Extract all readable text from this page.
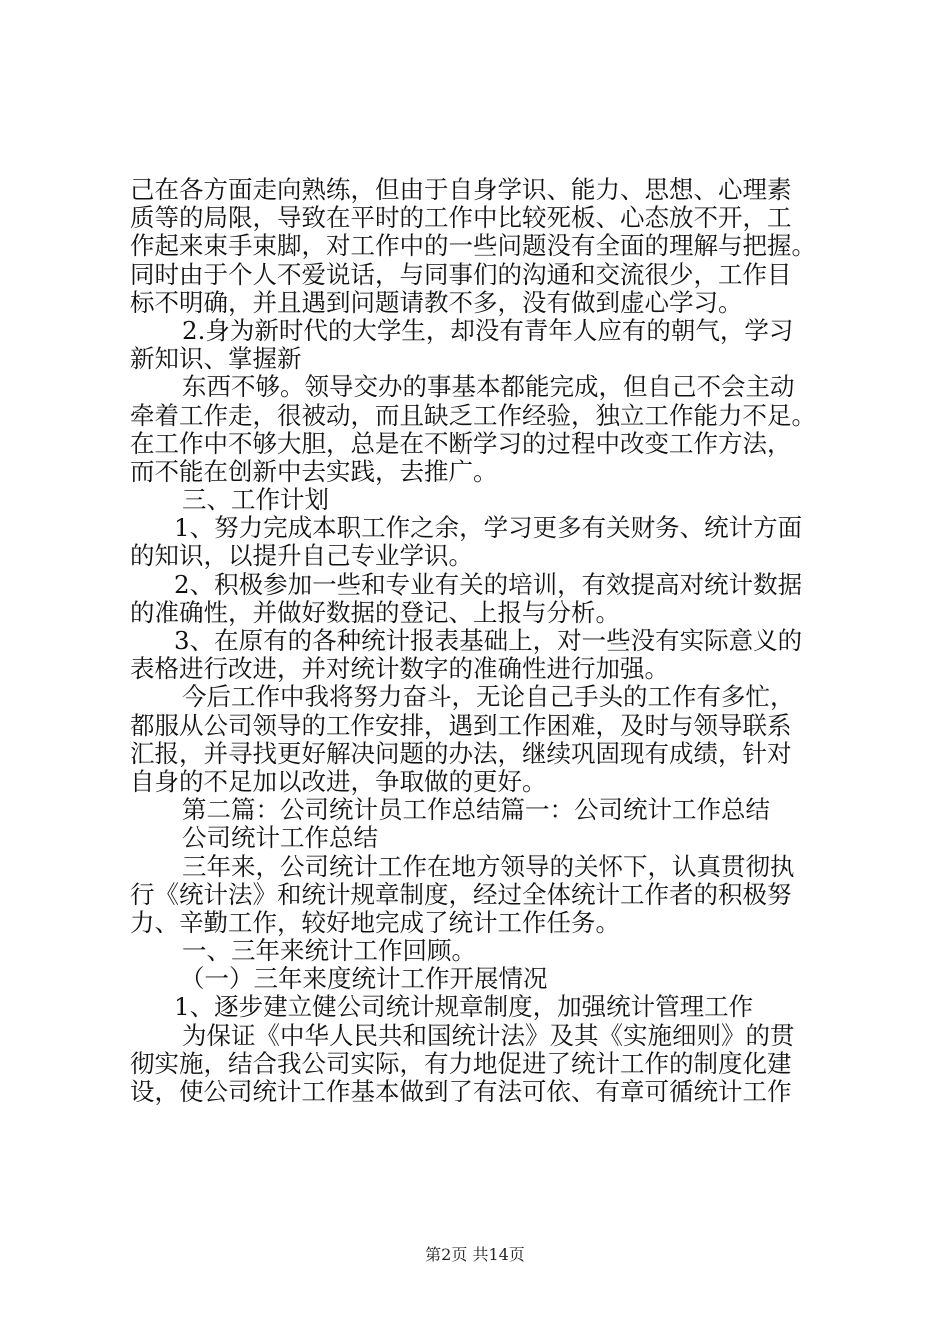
己在各方面走向熟练，但由于自身学识、能力、思想、心理素
质等的局限，导致在平时的工作中比较死板、心态放不开，工
作起来束手束脚，对工作中的一些问题没有全面的理解与把握。
同时由于个人不爱说话，与同事们的沟通和交流很少，工作目
标不明确，并且遇到问题请教不多，没有做到虚心学习。
2.身为新时代的大学生，却没有青年人应有的朝气，学习
新知识、掌握新
东西不够。领导交办的事基本都能完成，但自己不会主动
牵着工作走，很被动，而且缺乏工作经验，独立工作能力不足。
在工作中不够大胆，总是在不断学习的过程中改变工作方法，
而不能在创新中去实践，去推广。
三、工作计划
1、努力完成本职工作之余，学习更多有关财务、统计方面
的知识，以提升自己专业学识。
2、积极参加一些和专业有关的培训，有效提高对统计数据
的准确性，并做好数据的登记、上报与分析。
3、在原有的各种统计报表基础上，对一些没有实际意义的
表格进行改进，并对统计数字的准确性进行加强。
今后工作中我将努力奋斗，无论自己手头的工作有多忙，
都服从公司领导的工作安排，遇到工作困难，及时与领导联系
汇报，并寻找更好解决问题的办法，继续巩固现有成绩，针对
自身的不足加以改进，争取做的更好。
第二篇：公司统计员工作总结篇一：公司统计工作总结
公司统计工作总结
三年来，公司统计工作在地方领导的关怀下，认真贯彻执
行《统计法》和统计规章制度，经过全体统计工作者的积极努
力、辛勤工作，较好地完成了统计工作任务。
一、三年来统计工作回顾。
（一）三年来度统计工作开展情况
1、逐步建立健公司统计规章制度，加强统计管理工作
为保证《中华人民共和国统计法》及其《实施细则》的贯
彻实施，结合我公司实际，有力地促进了统计工作的制度化建
设，使公司统计工作基本做到了有法可依、有章可循统计工作
第2页 共14页
